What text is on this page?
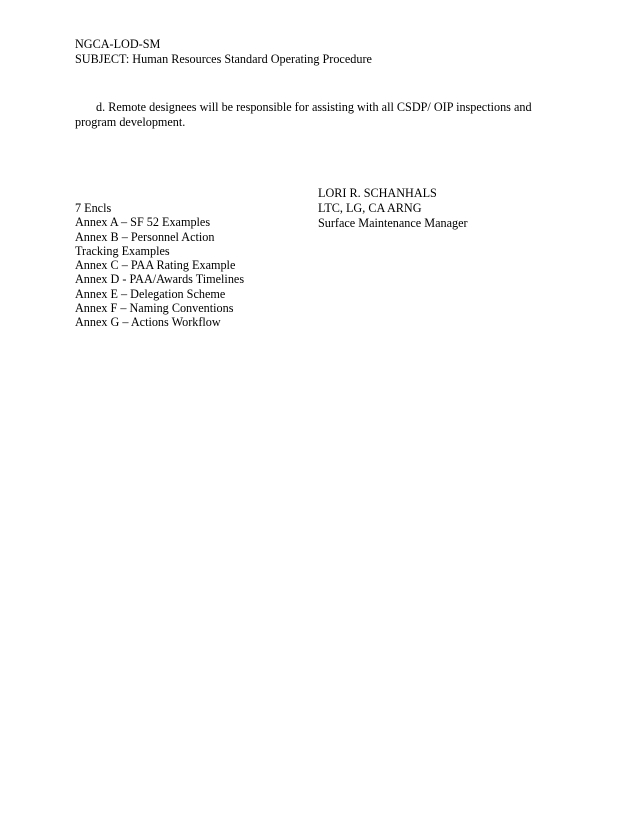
NGCA-LOD-SM
SUBJECT: Human Resources Standard Operating Procedure
d. Remote designees will be responsible for assisting with all CSDP/ OIP inspections and
program development.
LORI R. SCHANHALS
LTC, LG, CA ARNG
Surface Maintenance Manager
7 Encls
Annex A – SF 52 Examples
Annex B – Personnel Action
Tracking Examples
Annex C – PAA Rating Example
Annex D - PAA/Awards Timelines
Annex E – Delegation Scheme
Annex F – Naming Conventions
Annex G – Actions Workflow
